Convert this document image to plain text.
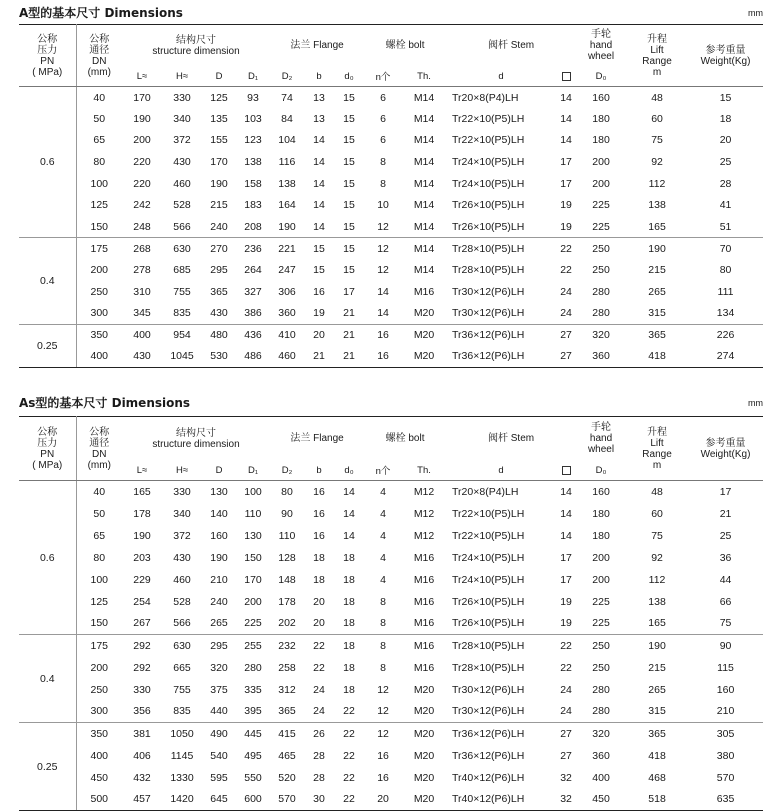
A型的基本尺寸 Dimensions	mm
公称
压力
PN
( MPa)	公称
通径
DN
(mm)	结构尺寸
structure dimension				法兰 Flange			螺栓 bolt		阀杆 Stem		手轮
hand
wheel	升程
Lift
Range
m	参考重量
Weight(Kg)
		L≈	H≈	D	D₁	D₂	b	d₀	n个	Th.	d		D₀		
0.6	40	170	330	125	93	74	13	15	6	M14	Tr20×8(P4)LH	14	160	48	15
	50	190	340	135	103	84	13	15	6	M14	Tr22×10(P5)LH	14	180	60	18
	65	200	372	155	123	104	14	15	6	M14	Tr22×10(P5)LH	14	180	75	20
	80	220	430	170	138	116	14	15	8	M14	Tr24×10(P5)LH	17	200	92	25
	100	220	460	190	158	138	14	15	8	M14	Tr24×10(P5)LH	17	200	112	28
	125	242	528	215	183	164	14	15	10	M14	Tr26×10(P5)LH	19	225	138	41
	150	248	566	240	208	190	14	15	12	M14	Tr26×10(P5)LH	19	225	165	51
0.4	175	268	630	270	236	221	15	15	12	M14	Tr28×10(P5)LH	22	250	190	70
	200	278	685	295	264	247	15	15	12	M14	Tr28×10(P5)LH	22	250	215	80
	250	310	755	365	327	306	16	17	14	M16	Tr30×12(P6)LH	24	280	265	111
	300	345	835	430	386	360	19	21	14	M20	Tr30×12(P6)LH	24	280	315	134
0.25	350	400	954	480	436	410	20	21	16	M20	Tr36×12(P6)LH	27	320	365	226
	400	430	1045	530	486	460	21	21	16	M20	Tr36×12(P6)LH	27	360	418	274
As型的基本尺寸 Dimensions	mm
公称
压力
PN
( MPa)	公称
通径
DN
(mm)	结构尺寸
structure dimension				法兰 Flange			螺栓 bolt		阀杆 Stem		手轮
hand
wheel	升程
Lift
Range
m	参考重量
Weight(Kg)
		L≈	H≈	D	D₁	D₂	b	d₀	n个	Th.	d		D₀		
0.6	40	165	330	130	100	80	16	14	4	M12	Tr20×8(P4)LH	14	160	48	17
	50	178	340	140	110	90	16	14	4	M12	Tr22×10(P5)LH	14	180	60	21
	65	190	372	160	130	110	16	14	4	M12	Tr22×10(P5)LH	14	180	75	25
	80	203	430	190	150	128	18	18	4	M16	Tr24×10(P5)LH	17	200	92	36
	100	229	460	210	170	148	18	18	4	M16	Tr24×10(P5)LH	17	200	112	44
	125	254	528	240	200	178	20	18	8	M16	Tr26×10(P5)LH	19	225	138	66
	150	267	566	265	225	202	20	18	8	M16	Tr26×10(P5)LH	19	225	165	75
0.4	175	292	630	295	255	232	22	18	8	M16	Tr28×10(P5)LH	22	250	190	90
	200	292	665	320	280	258	22	18	8	M16	Tr28×10(P5)LH	22	250	215	115
	250	330	755	375	335	312	24	18	12	M20	Tr30×12(P6)LH	24	280	265	160
	300	356	835	440	395	365	24	22	12	M20	Tr30×12(P6)LH	24	280	315	210
0.25	350	381	1050	490	445	415	26	22	12	M20	Tr36×12(P6)LH	27	320	365	305
	400	406	1145	540	495	465	28	22	16	M20	Tr36×12(P6)LH	27	360	418	380
	450	432	1330	595	550	520	28	22	16	M20	Tr40×12(P6)LH	32	400	468	570
	500	457	1420	645	600	570	30	22	20	M20	Tr40×12(P6)LH	32	450	518	635
